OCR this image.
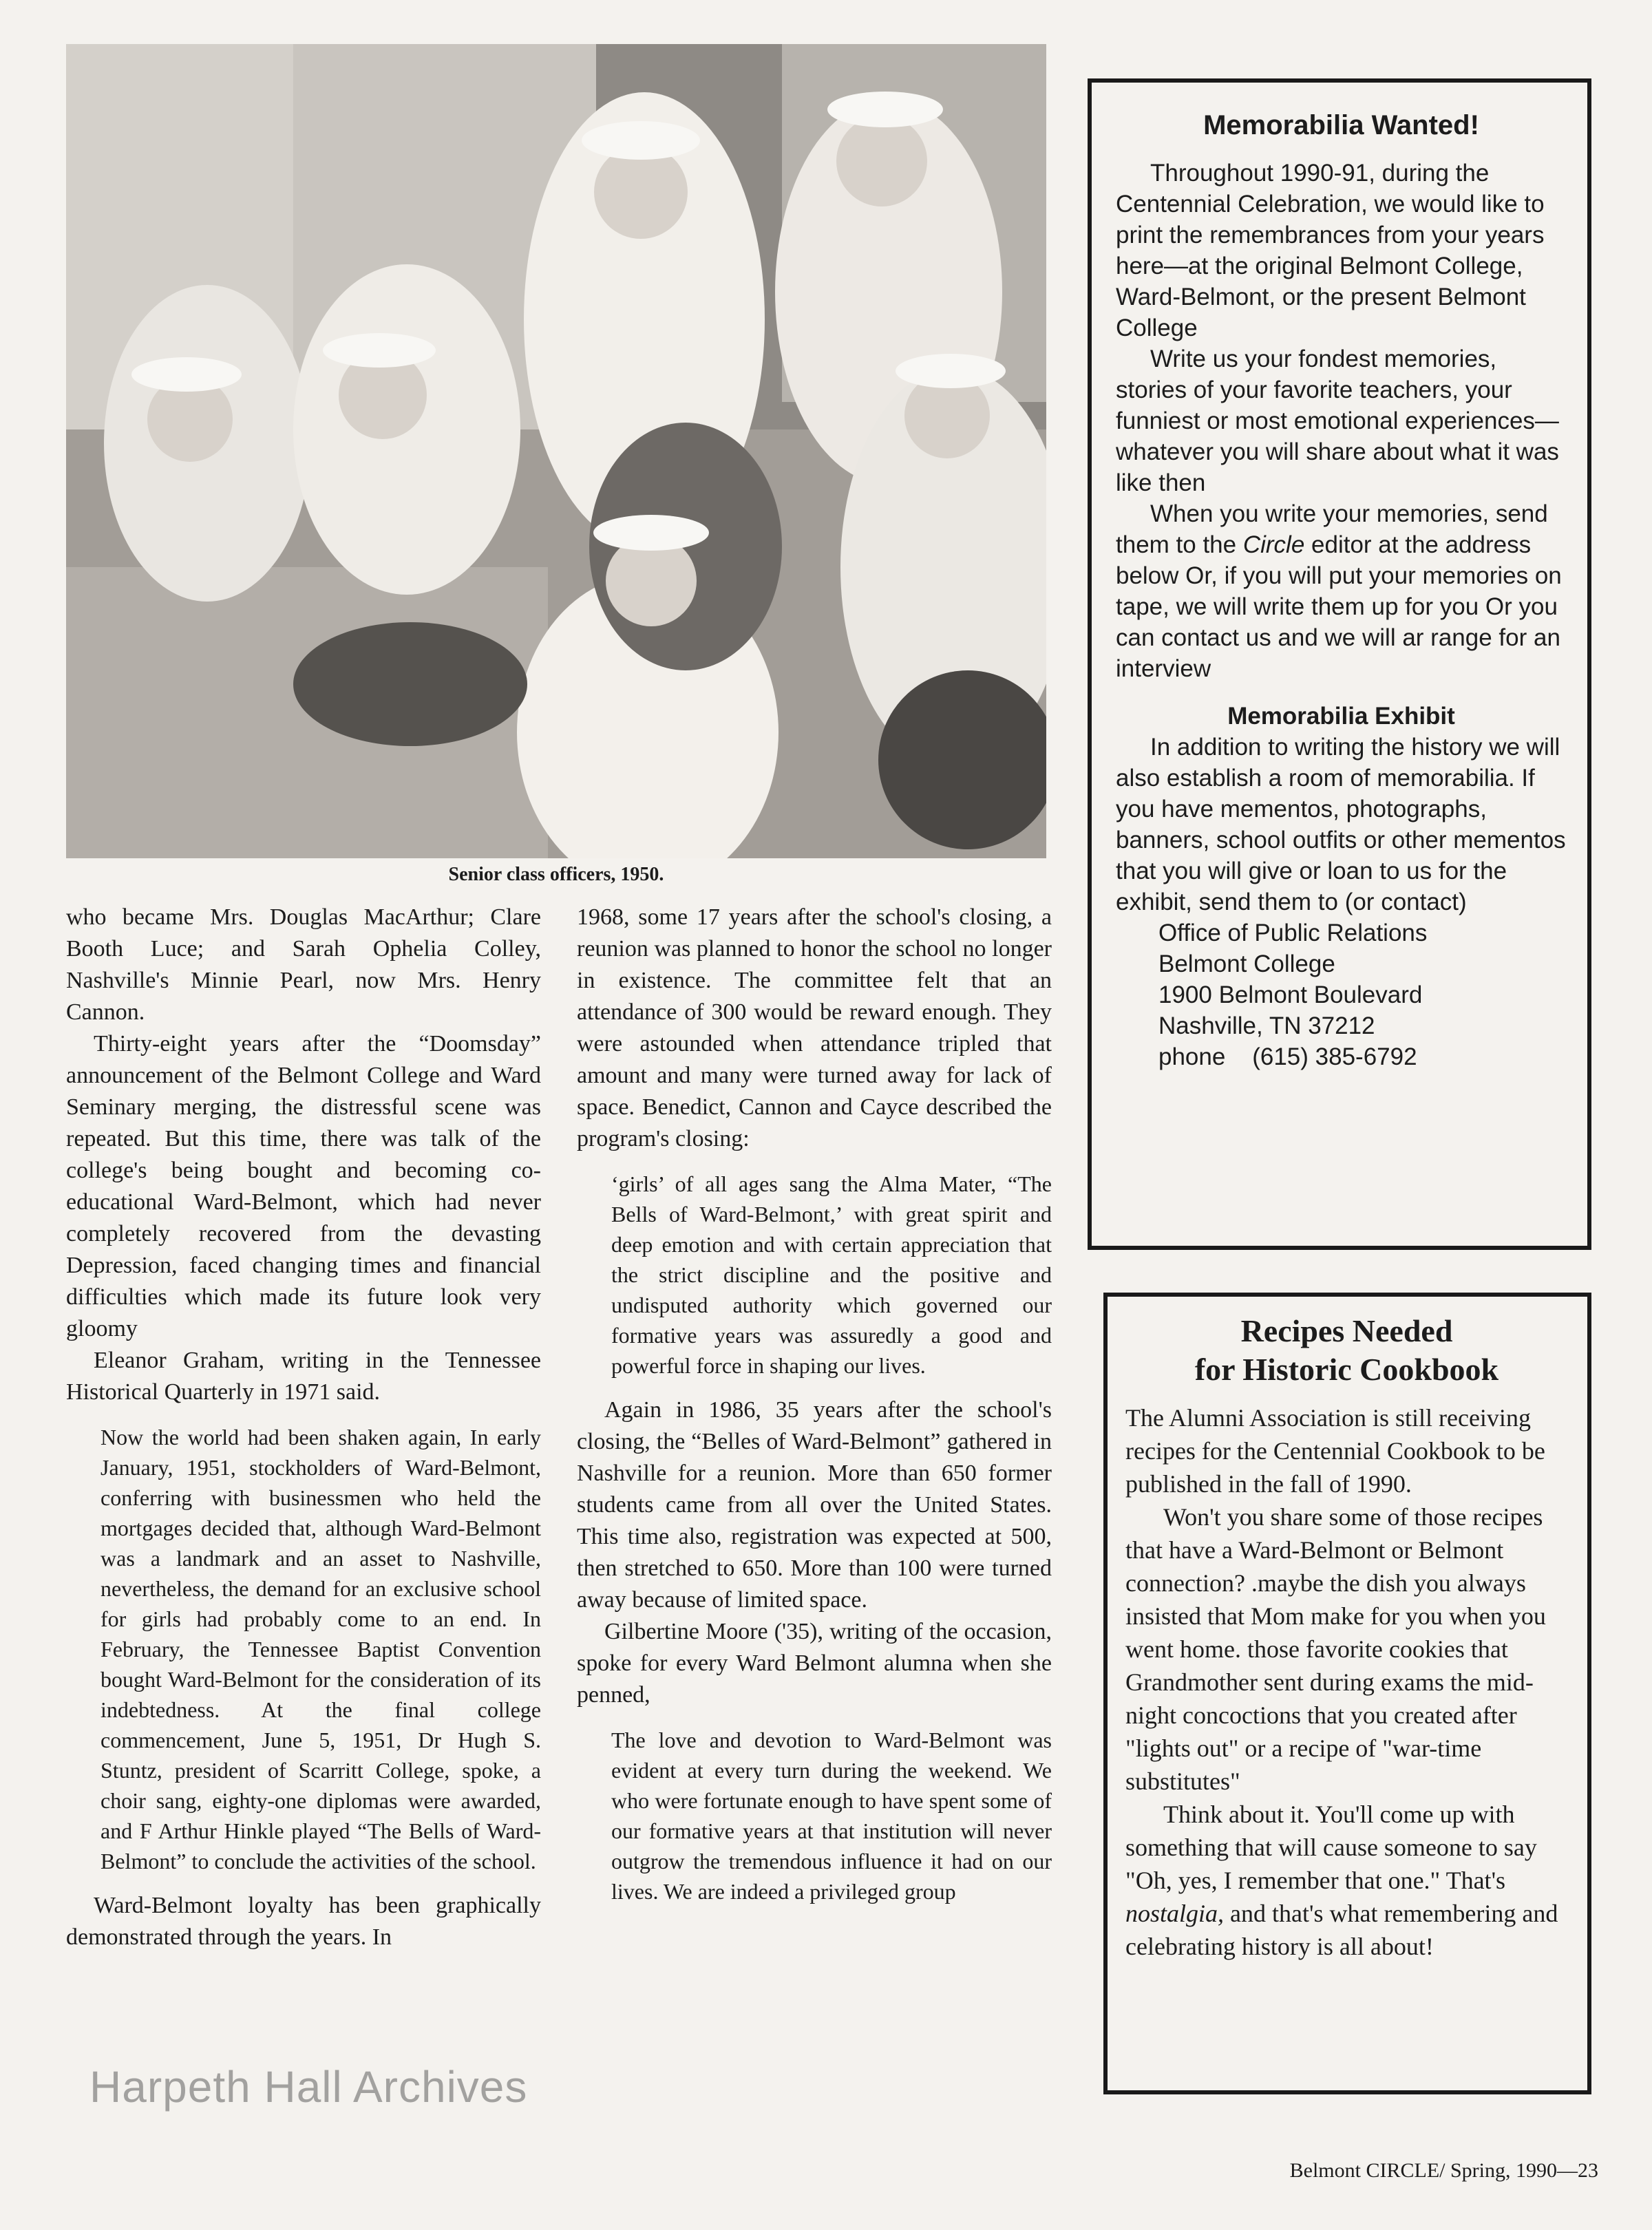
Senior class officers, 1950.

who became Mrs. Douglas MacArthur; Clare Booth Luce; and Sarah Ophelia Colley, Nashville's Minnie Pearl, now Mrs. Henry Cannon.

Thirty-eight years after the “Doomsday” announcement of the Belmont College and Ward Seminary merging, the distressful scene was repeated. But this time, there was talk of the college's being bought and becoming co-educational Ward-Belmont, which had never completely recovered from the devasting Depression, faced changing times and financial difficulties which made its future look very gloomy

Eleanor Graham, writing in the Tennessee Historical Quarterly in 1971 said.

Now the world had been shaken again, In early January, 1951, stockholders of Ward-Belmont, conferring with businessmen who held the mortgages decided that, although Ward-Belmont was a landmark and an asset to Nashville, nevertheless, the demand for an exclusive school for girls had probably come to an end. In February, the Tennessee Baptist Convention bought Ward-Belmont for the consideration of its indebtedness. At the final college commencement, June 5, 1951, Dr Hugh S. Stuntz, president of Scarritt College, spoke, a choir sang, eighty-one diplomas were awarded, and F Arthur Hinkle played “The Bells of Ward-Belmont” to conclude the activities of the school.

Ward-Belmont loyalty has been graphically demonstrated through the years. In

1968, some 17 years after the school's closing, a reunion was planned to honor the school no longer in existence. The committee felt that an attendance of 300 would be reward enough. They were astounded when attendance tripled that amount and many were turned away for lack of space. Benedict, Cannon and Cayce described the program's closing:

‘girls’ of all ages sang the Alma Mater, “The Bells of Ward-Belmont,’ with great spirit and deep emotion and with certain appreciation that the strict discipline and the positive and undisputed authority which governed our formative years was assuredly a good and powerful force in shaping our lives.

Again in 1986, 35 years after the school's closing, the “Belles of Ward-Belmont” gathered in Nashville for a reunion. More than 650 former students came from all over the United States. This time also, registration was expected at 500, then stretched to 650. More than 100 were turned away because of limited space.

Gilbertine Moore ('35), writing of the occasion, spoke for every Ward Belmont alumna when she penned,

The love and devotion to Ward-Belmont was evident at every turn during the weekend. We who were fortunate enough to have spent some of our formative years at that institution will never outgrow the tremendous influence it had on our lives. We are indeed a privileged group
Memorabilia Wanted!

Throughout 1990-91, during the Centennial Celebration, we would like to print the remembrances from your years here—at the original Belmont College, Ward-Belmont, or the present Belmont College

Write us your fondest memories, stories of your favorite teachers, your funniest or most emotional experiences—whatever you will share about what it was like then

When you write your memories, send them to the Circle editor at the address below Or, if you will put your memories on tape, we will write them up for you Or you can contact us and we will ar range for an interview

Memorabilia Exhibit

In addition to writing the history we will also establish a room of memorabilia. If you have mementos, photographs, banners, school outfits or other mementos that you will give or loan to us for the exhibit, send them to (or contact)

Office of Public Relations

Belmont College

1900 Belmont Boulevard

Nashville, TN 37212

phone    (615) 385-6792

Recipes Needed
for Historic Cookbook

The Alumni Association is still receiving recipes for the Centennial Cookbook to be published in the fall of 1990.

Won't you share some of those recipes that have a Ward-Belmont or Belmont connection? .maybe the dish you always insisted that Mom make for you when you went home. those favorite cookies that Grandmother sent during exams the mid-night concoctions that you created after "lights out" or a recipe of "war-time substitutes"

Think about it. You'll come up with something that will cause someone to say "Oh, yes, I remember that one." That's nostalgia, and that's what remembering and celebrating history is all about!

Harpeth Hall Archives
Belmont CIRCLE/ Spring, 1990—23
